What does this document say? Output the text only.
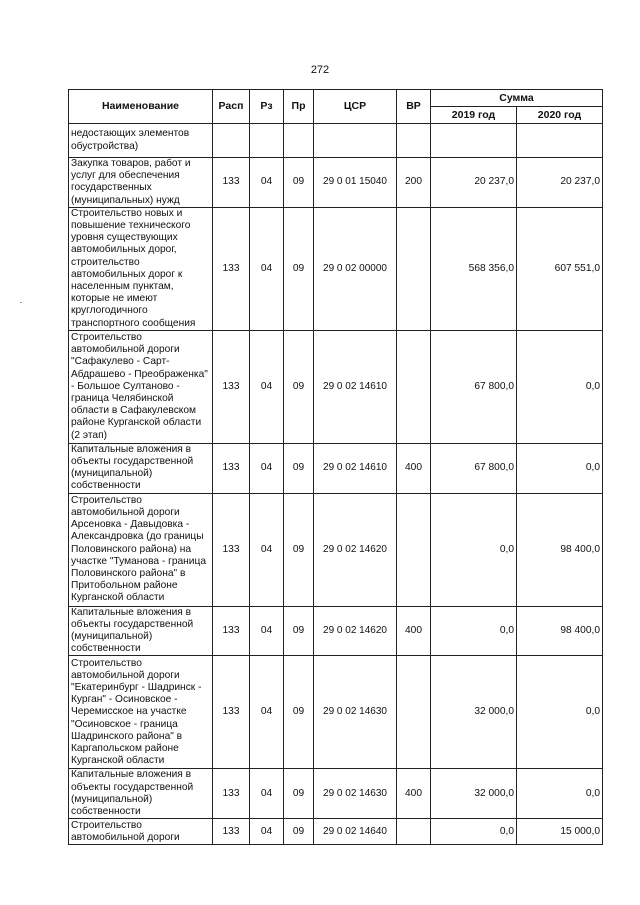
272
Наименование	Расп	Рз	Пр	ЦСР	ВР	Сумма	
						2019 год	2020 год
недостающих элементов обустройства)							
Закупка товаров, работ и услуг для обеспечения государственных (муниципальных) нужд	133	04	09	29 0 01 15040	200	20 237,0	20 237,0
Строительство новых и повышение технического уровня существующих автомобильных дорог, строительство автомобильных дорог к населенным пунктам, которые не имеют круглогодичного транспортного сообщения	133	04	09	29 0 02 00000		568 356,0	607 551,0
Строительство автомобильной дороги "Сафакулево - Сарт-Абдрашево - Преображенка" - Большое Султаново - граница Челябинской области в Сафакулевском районе Курганской области (2 этап)	133	04	09	29 0 02 14610		67 800,0	0,0
Капитальные вложения в объекты государственной (муниципальной) собственности	133	04	09	29 0 02 14610	400	67 800,0	0,0
Строительство автомобильной дороги Арсеновка - Давыдовка - Александровка (до границы Половинского района) на участке "Туманова - граница Половинского района" в Притобольном районе Курганской области	133	04	09	29 0 02 14620		0,0	98 400,0
Капитальные вложения в объекты государственной (муниципальной) собственности	133	04	09	29 0 02 14620	400	0,0	98 400,0
Строительство автомобильной дороги "Екатеринбург - Шадринск - Курган" - Осиновское - Черемисское на участке "Осиновское - граница Шадринского района" в Каргапольском районе Курганской области	133	04	09	29 0 02 14630		32 000,0	0,0
Капитальные вложения в объекты государственной (муниципальной) собственности	133	04	09	29 0 02 14630	400	32 000,0	0,0
Строительство автомобильной дороги	133	04	09	29 0 02 14640		0,0	15 000,0
